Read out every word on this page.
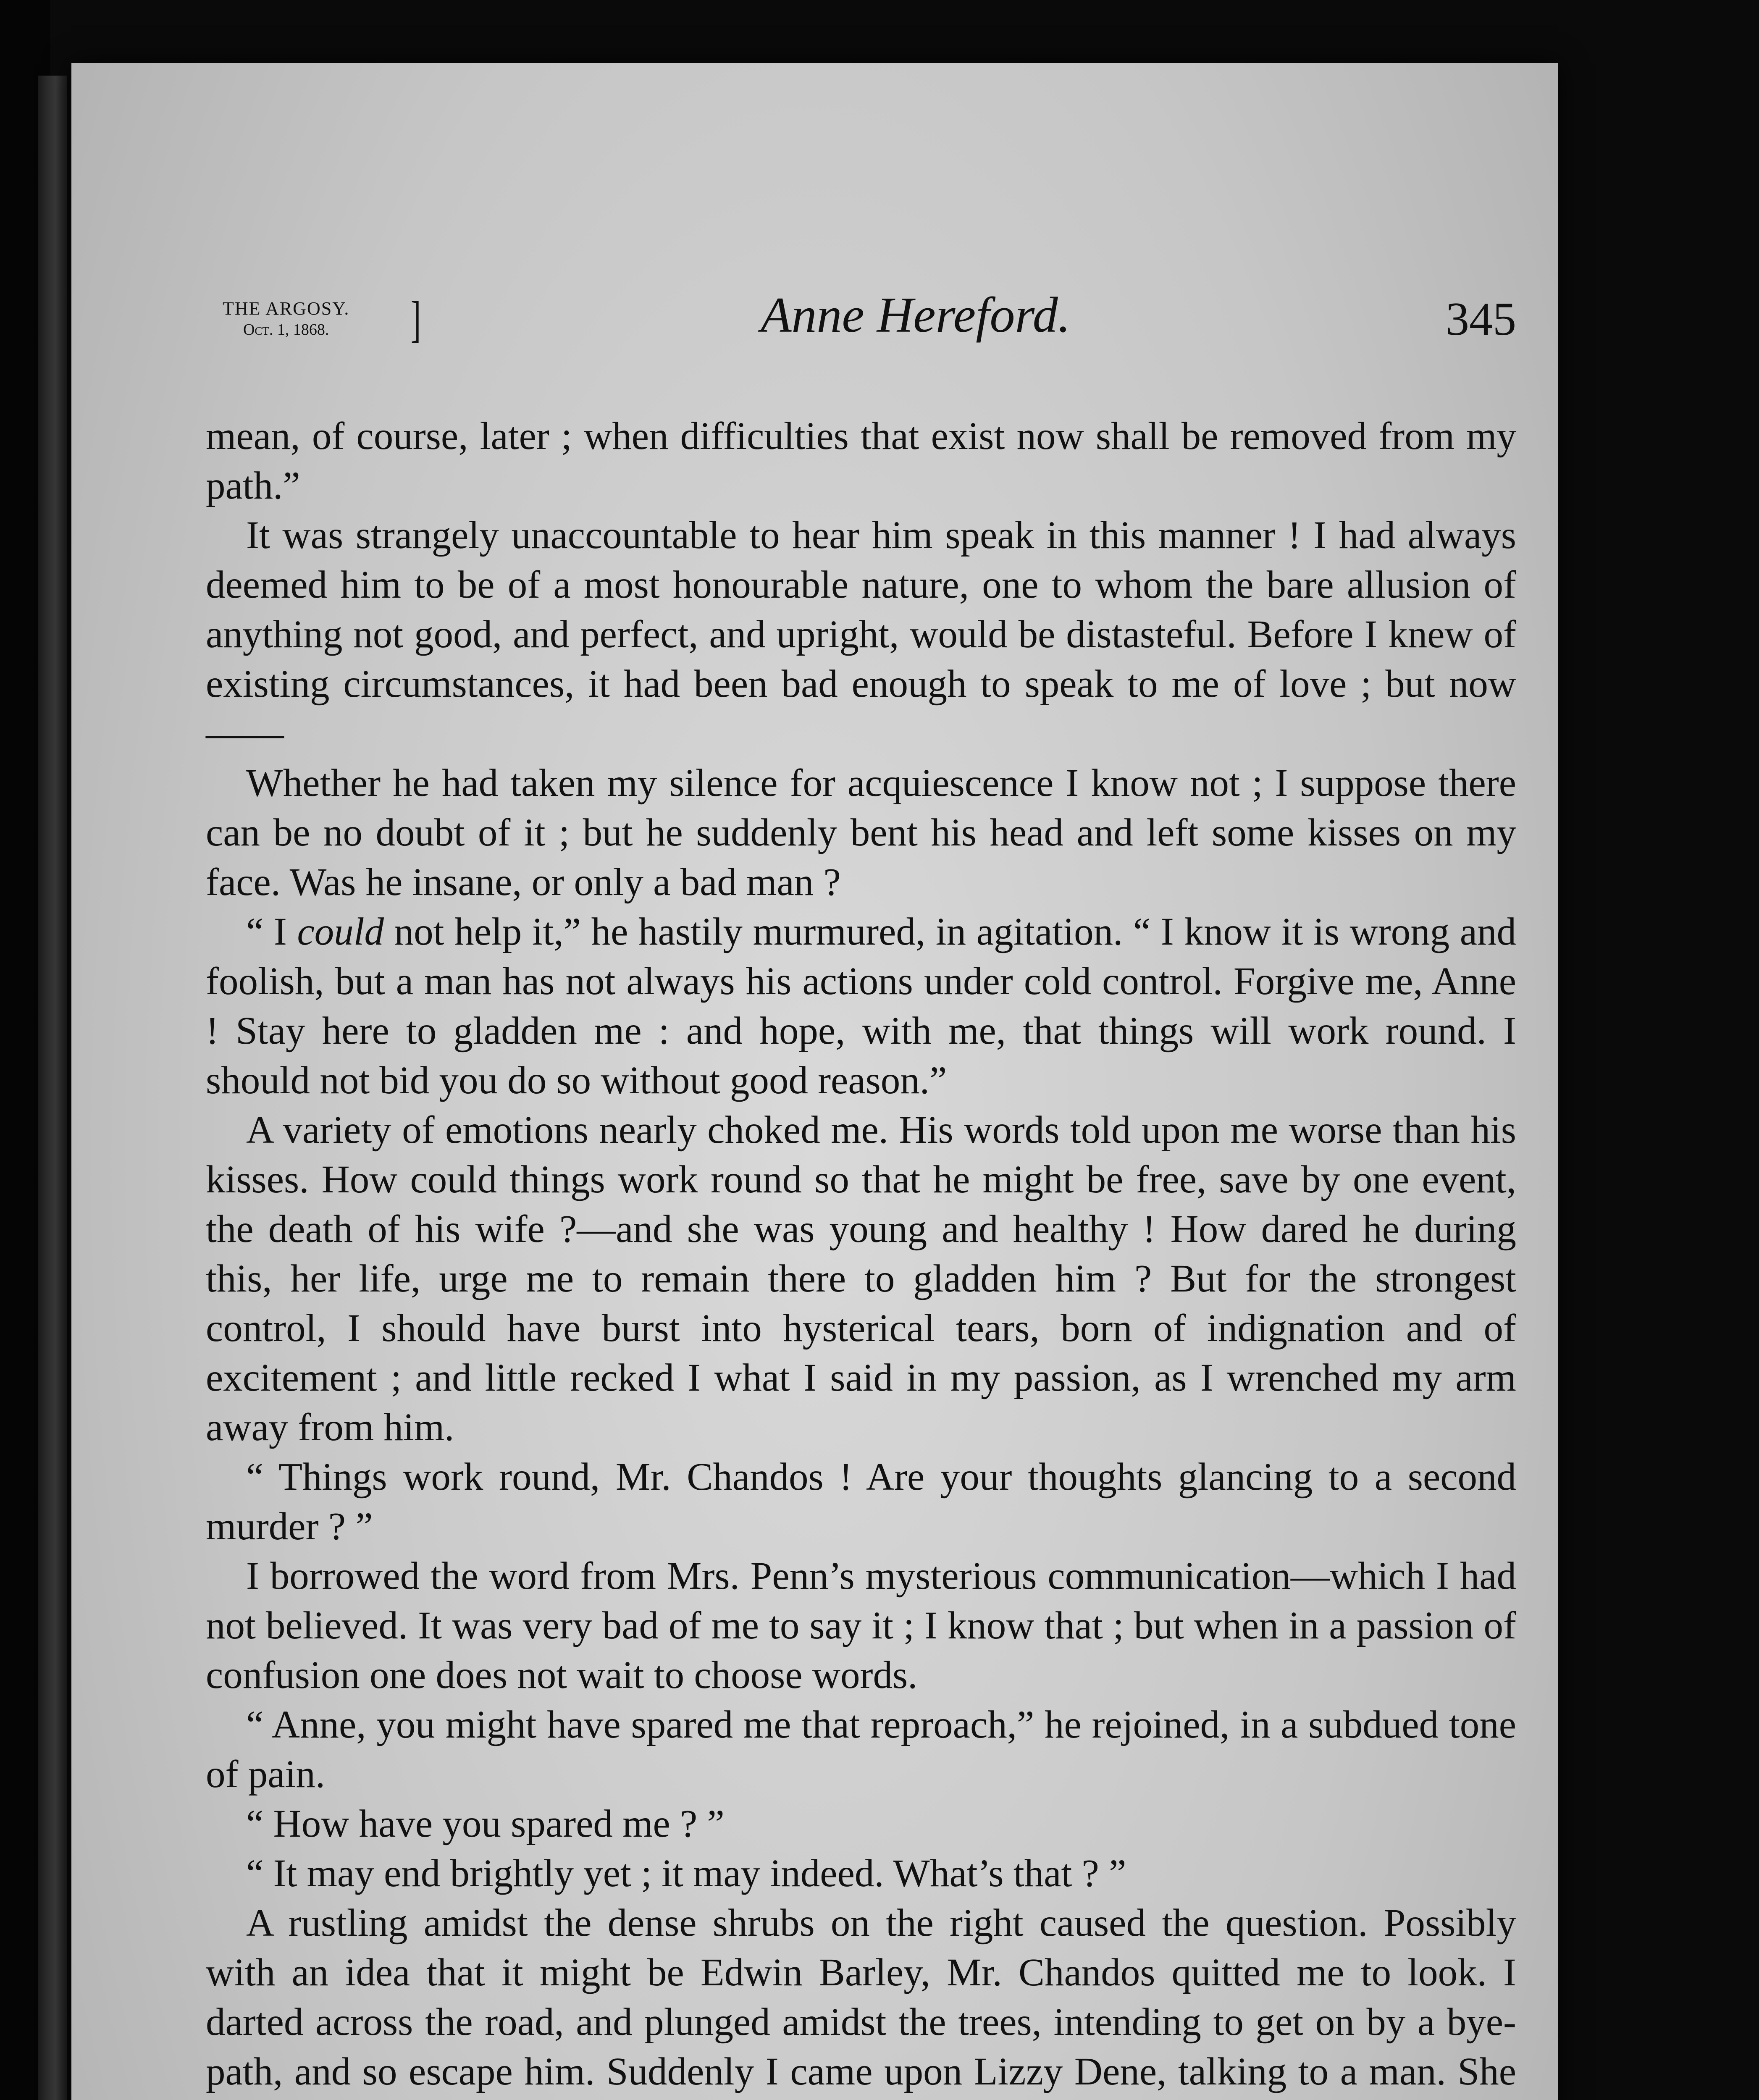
THE ARGOSY.
Oct. 1, 1868.	]	Anne Hereford.	345

mean, of course, later ; when difficulties that exist now shall be removed from my path.”

It was strangely unaccountable to hear him speak in this manner ! I had always deemed him to be of a most honourable nature, one to whom the bare allusion of anything not good, and perfect, and upright, would be distasteful. Before I knew of existing circumstances, it had been bad enough to speak to me of love ; but now——

Whether he had taken my silence for acquiescence I know not ; I suppose there can be no doubt of it ; but he suddenly bent his head and left some kisses on my face. Was he insane, or only a bad man ?

“ I could not help it,” he hastily murmured, in agitation. “ I know it is wrong and foolish, but a man has not always his actions under cold control. Forgive me, Anne ! Stay here to gladden me : and hope, with me, that things will work round. I should not bid you do so without good reason.”

A variety of emotions nearly choked me. His words told upon me worse than his kisses. How could things work round so that he might be free, save by one event, the death of his wife ?—and she was young and healthy ! How dared he during this, her life, urge me to remain there to gladden him ? But for the strongest control, I should have burst into hysterical tears, born of indignation and of excitement ; and little recked I what I said in my passion, as I wrenched my arm away from him.

“ Things work round, Mr. Chandos ! Are your thoughts glancing to a second murder ? ”

I borrowed the word from Mrs. Penn’s mysterious communication—which I had not believed. It was very bad of me to say it ; I know that ; but when in a passion of confusion one does not wait to choose words.

“ Anne, you might have spared me that reproach,” he rejoined, in a subdued tone of pain.

“ How have you spared me ? ”

“ It may end brightly yet ; it may indeed. What’s that ? ”

A rustling amidst the dense shrubs on the right caused the question. Possibly with an idea that it might be Edwin Barley, Mr. Chandos quitted me to look. I darted across the road, and plunged amidst the trees, intending to get on by a bye-path, and so escape him. Suddenly I came upon Lizzy Dene, talking to a man. She
